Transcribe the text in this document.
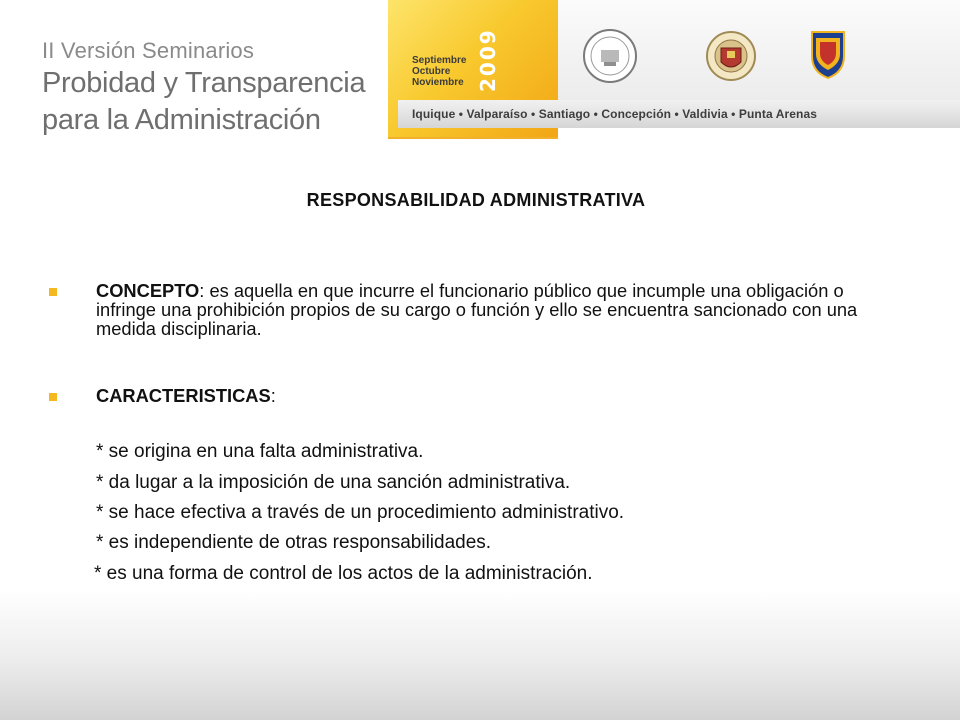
II Versión Seminarios
Probidad y Transparencia
para la Administración
Septiembre
Octubre
Noviembre 2009
Iquique • Valparaíso • Santiago • Concepción • Valdivia • Punta Arenas
RESPONSABILIDAD ADMINISTRATIVA
CONCEPTO: es aquella en que incurre el funcionario público que incumple una obligación o infringe una prohibición propios de su cargo o función y ello se encuentra sancionado con una medida disciplinaria.
CARACTERISTICAS:
* se origina en una falta administrativa.
* da lugar a la imposición de una sanción administrativa.
* se hace efectiva a través de un procedimiento administrativo.
* es independiente de otras responsabilidades.
* es una forma de control de los actos de la administración.
